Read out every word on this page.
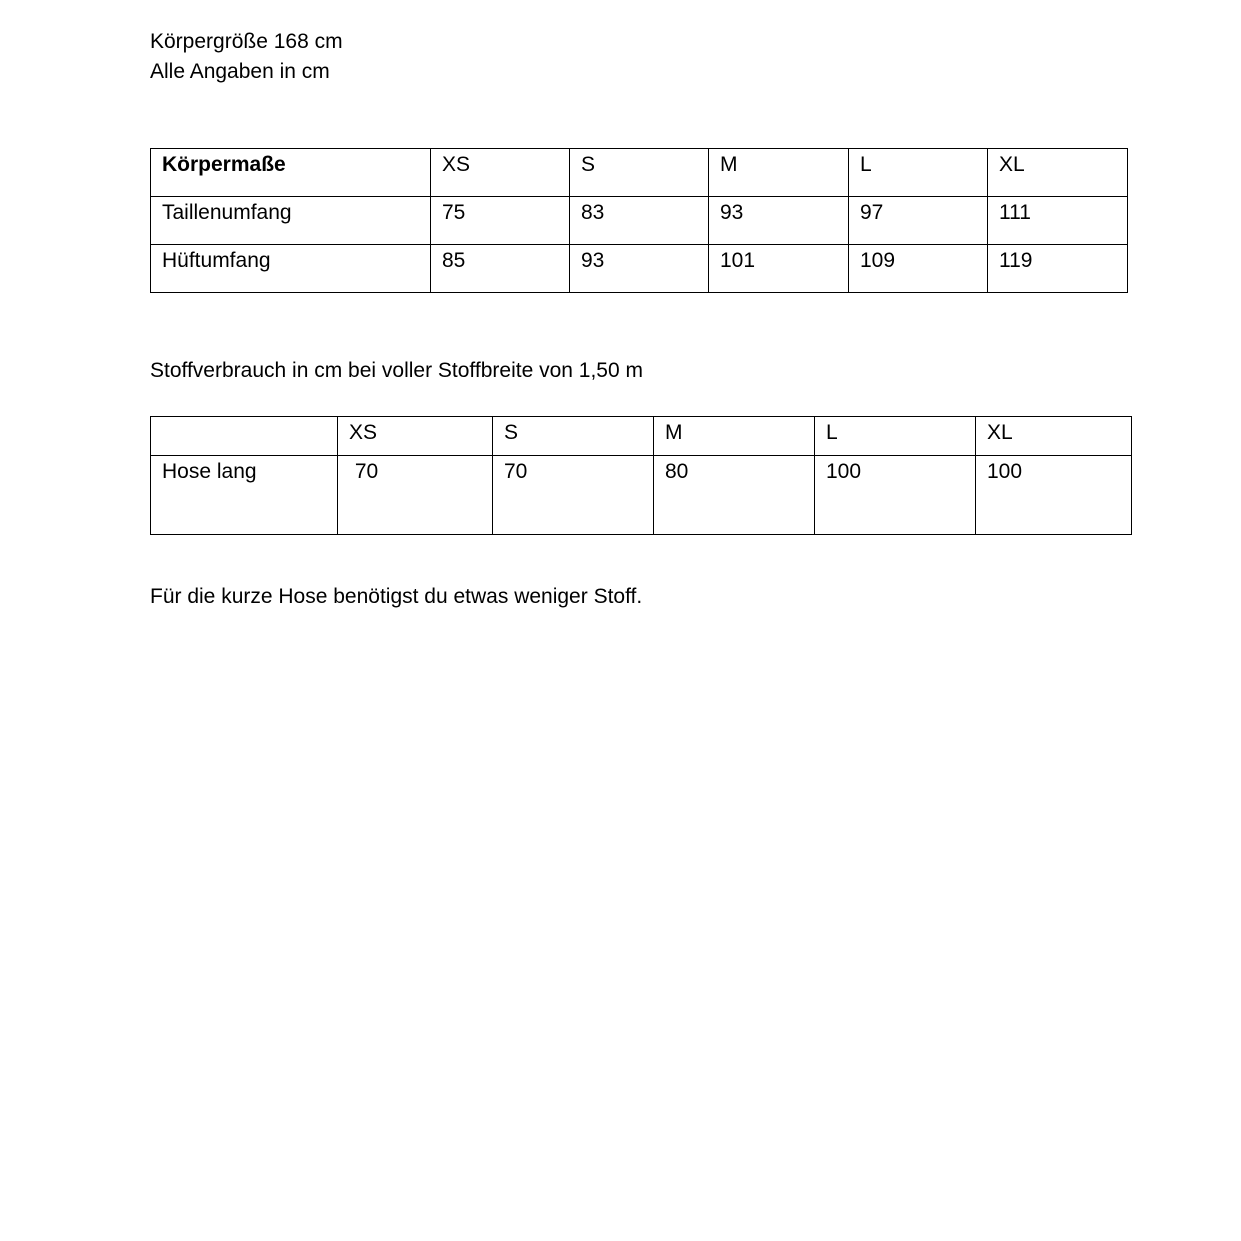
Körpergröße 168 cm
Alle Angaben in cm
Körpermaße	XS	S	M	L	XL
Taillenumfang	75	83	93	97	111
Hüftumfang	85	93	101	109	119
Stoffverbrauch in cm bei voller Stoffbreite von 1,50 m
	XS	S	M	L	XL
Hose lang	70	70	80	100	100
Für die kurze Hose benötigst du etwas weniger Stoff.
